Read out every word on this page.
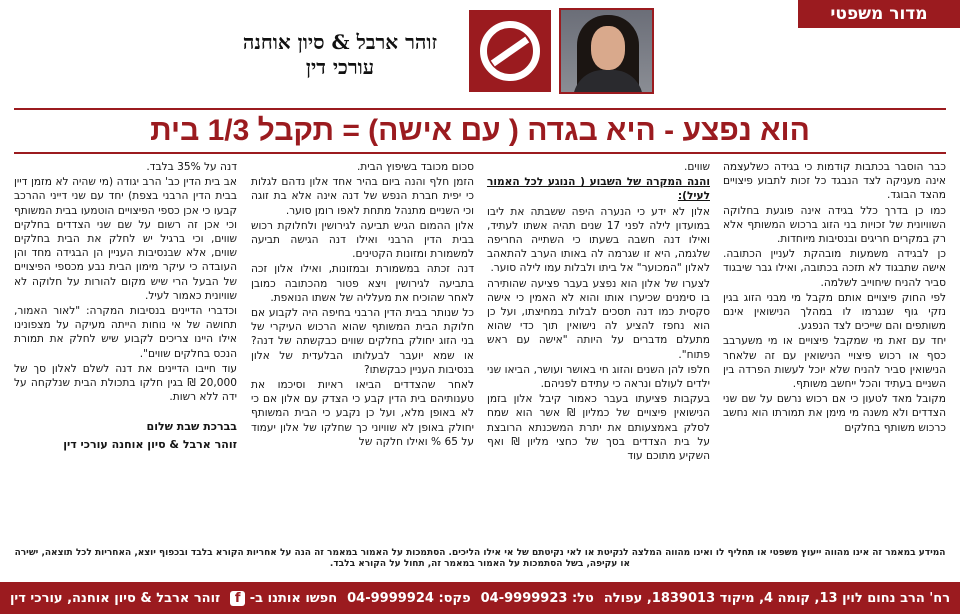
מדור משפטי
זוהר ארבל & סיון אוחנה
עורכי דין
הוא נפצע - היא בגדה ( עם אישה) = תקבל 1/3 בית

כבר הוסבר בכתבות קודמות כי בגידה כשלעצמה אינה מעניקה לצד הנבגד כל זכות לתבוע פיצויים מהצד הבוגד.

כמו כן בדרך כלל בגידה אינה פוגעת בחלוקה השוויונית של זכויות בני הזוג ברכוש המשותף אלא רק במקרים חריגים ובנסיבות מיוחדות.

כן לבגידה משמעות מובהקת לעניין הכתובה. אישה שתבגוד לא תזכה בכתובה, ואילו גבר שיבגוד סביר להניח שיחוייב לשלמה.

לפי החוק פיצויים אותם מקבל מי מבני הזוג בגין נזקי גוף שנגרמו לו במהלך הנישואין אינם משותפים והם שייכים לצד הנפגע.

יחד עם זאת מי שמקבל פיצויים או מי משערבב כסף או רכוש פיצויי הנישואין עם זה שלאחר הנישואין סביר להניח שלא יוכל לעשות הפרדה בין השניים בעתיד והכל ייחשב משותף.

מקובל מאד לטעון כי אם רכוש נרשם על שם שני הצדדים ולא משנה מי מימן את תמורתו הוא נחשב כרכוש משותף בחלקים

שווים.

והנה המקרה של השבוע ( הנוגע לכל האמור לעיל):

אלון לא ידע כי הנערה היפה ששבתה את ליבו במועדון לילה לפני 17 שנים תהיה אשתו לעתיד, ואילו דנה חשבה בשעתו כי השתייה החריפה שלגמה, היא זו שגרמה לה באותו הערב להתאהב לאלון "המכוער" אל ביתו ולבלות עמו לילה סוער.

לצערו של אלון הוא נפצע בעבר פציעה שהותירה בו סימנים שכיערו אותו והוא לא האמין כי אישה סקסית כמו דנה תסכים לבלות במחיצתו, ועל כן הוא נחפז להציע לה נישואין תוך כדי שהוא מתעלם מדברים על היותה "אישה עם ראש פתוח".

חלפו להן השנים והזוג חי באושר ועושר, הביאו שני ילדים לעולם ונראה כי עתידם לפניהם.

בעקבות פציעתו בעבר כאמור קיבל אלון בזמן הנישואין פיצויים של כמליון ₪ אשר הוא שמח לסלק באמצעותם את יתרת המשכנתא הרובצת על בית הצדדים בסך של כחצי מליון ₪ ואף השקיע מתוכם עוד

סכום מכובד בשיפוץ הבית.

הזמן חלף והנה ביום בהיר אחד אלון נדהם לגלות כי יפית חברת הנפש של דנה אינה אלא בת זוגה וכי השניים מתנהל מתחת לאפו רומן סוער.

אלון ההמום הגיש תביעה לגירושין ולחלוקת רכוש בבית הדין הרבני ואילו דנה הגישה תביעה למשמורת ומזונות הקטינים.

דנה זכתה במשמורת ובמזונות, ואילו אלון זכה בתביעה לגירושין ויצא פטור מהכתובה כמובן לאחר שהוכיח את מעלליה של אשתו הנואפת.

כל שנותר בבית הדין הרבני בחיפה היה לקבוע אם חלוקת הבית המשותף שהוא הרכוש העיקרי של בני הזוג יחולק בחלקים שווים כבקשתה של דנה? או שמא יועבר לבעלותו הבלעדית של אלון בנסיבות העניין כבקשתו?

לאחר שהצדדים הביאו ראיות וסיכמו את טענותיהם בית הדין קבע כי הצדק עם אלון אם כי לא באופן מלא, ועל כן נקבע כי הבית המשותף יחולק באופן לא שוויוני כך שחלקו של אלון יעמוד על 65 % ואילו חלקה של

דנה על 35% בלבד.

אב בית הדין כב' הרב יגודה (מי שהיה לא מזמן דיין בבית הדין הרבני בצפת) יחד עם שני דייני ההרכב קבעו כי אכן כספי הפיצויים הוטמעו בבית המשותף וכי אכן זה רשום על שם שני הצדדים בחלקים שווים, וכי ברגיל יש לחלק את הבית בחלקים שווים, אלא שבנסיבות העניין הן הבגידה מחד והן העובדה כי עיקר מימון הבית נבע מכספי הפיצויים של הבעל הרי שיש מקום להורות על חלוקה לא שוויונית כאמור לעיל.

וכדברי הדיינים בנסיבות המקרה: "לאור האמור, תחושה של אי נוחות הייתה מעיקה על מצפונינו אילו היינו צריכים לקבוע שיש לחלק את תמורת הנכס בחלקים שווים".

עוד חייבו הדיינים את דנה לשלם לאלון סך של 20,000 ₪ בגין חלקו בתכולת הבית שנלקחה על ידה ללא רשות.

בברכת שבת שלום
זוהר ארבל & סיון אוחנה עורכי דין
המידע במאמר זה אינו מהווה ייעוץ משפטי או תחליף לו ואינו מהווה המלצה לנקיטת או לאי נקיטתם של אי אילו הליכים. הסתמכות על האמור במאמר זה הנה על אחריות הקורא בלבד ובכפוף יוצא, האחריות לכל תוצאה, ישירה או עקיפה, בשל הסתמכות על האמור במאמר זה, תחול על הקורא בלבד.
רח' הרב נחום לוין 13, קומה 4, מיקוד 1839013, עפולה
טל: 04-9999923
פקס: 04-9999924
חפשו אותנו ב- f
זוהר ארבל & סיון אוחנה, עורכי דין
